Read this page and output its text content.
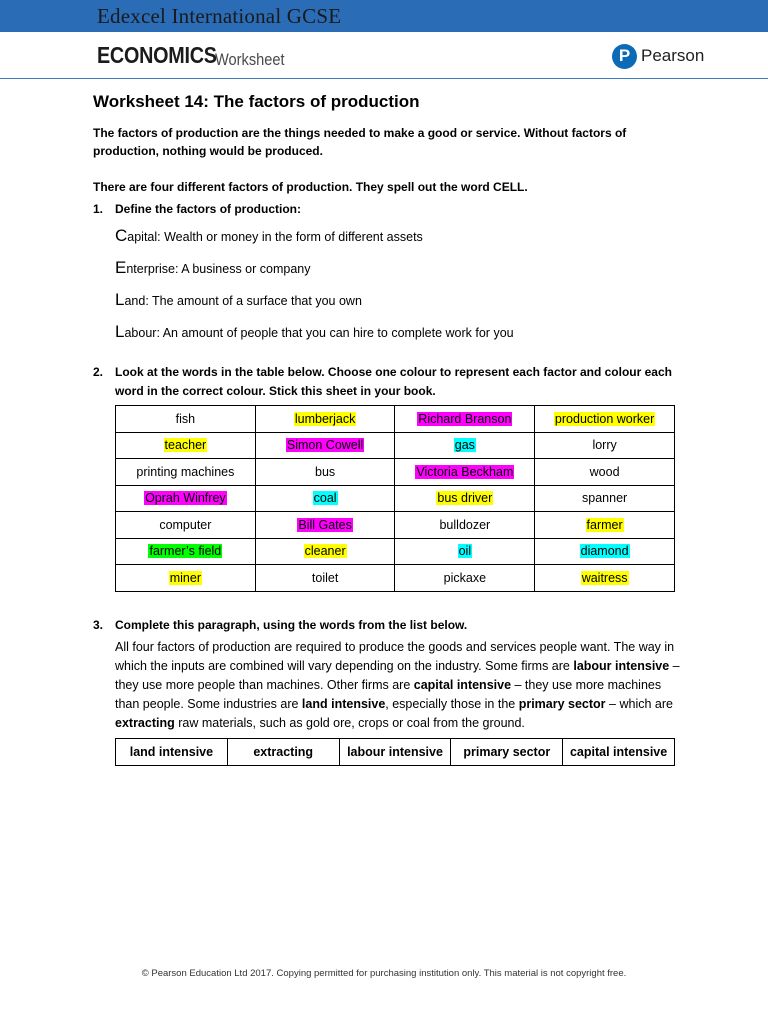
Edexcel International GCSE
ECONOMICS
Worksheet	P Pearson
Worksheet 14: The factors of production

The factors of production are the things needed to make a good or service. Without factors of production, nothing would be produced.

There are four different factors of production. They spell out the word CELL.

1. Define the factors of production:
Capital: Wealth or money in the form of different assets
Enterprise: A business or company
Land: The amount of a surface that you own
Labour: An amount of people that you can hire to complete work for you
2. Look at the words in the table below. Choose one colour to represent each factor and colour each word in the correct colour. Stick this sheet in your book.
fish	lumberjack	Richard Branson	production worker
teacher	Simon Cowell	gas	lorry
printing machines	bus	Victoria Beckham	wood
Oprah Winfrey	coal	bus driver	spanner
computer	Bill Gates	bulldozer	farmer
farmer’s field	cleaner	oil	diamond
miner	toilet	pickaxe	waitress
3. Complete this paragraph, using the words from the list below.

All four factors of production are required to produce the goods and services people want. The way in which the inputs are combined will vary depending on the industry. Some firms are labour intensive – they use more people than machines. Other firms are capital intensive – they use more machines than people. Some industries are land intensive, especially those in the primary sector – which are extracting raw materials, such as gold ore, crops or coal from the ground.

land intensive	extracting	labour intensive	primary sector	capital intensive
© Pearson Education Ltd 2017. Copying permitted for purchasing institution only. This material is not copyright free.
